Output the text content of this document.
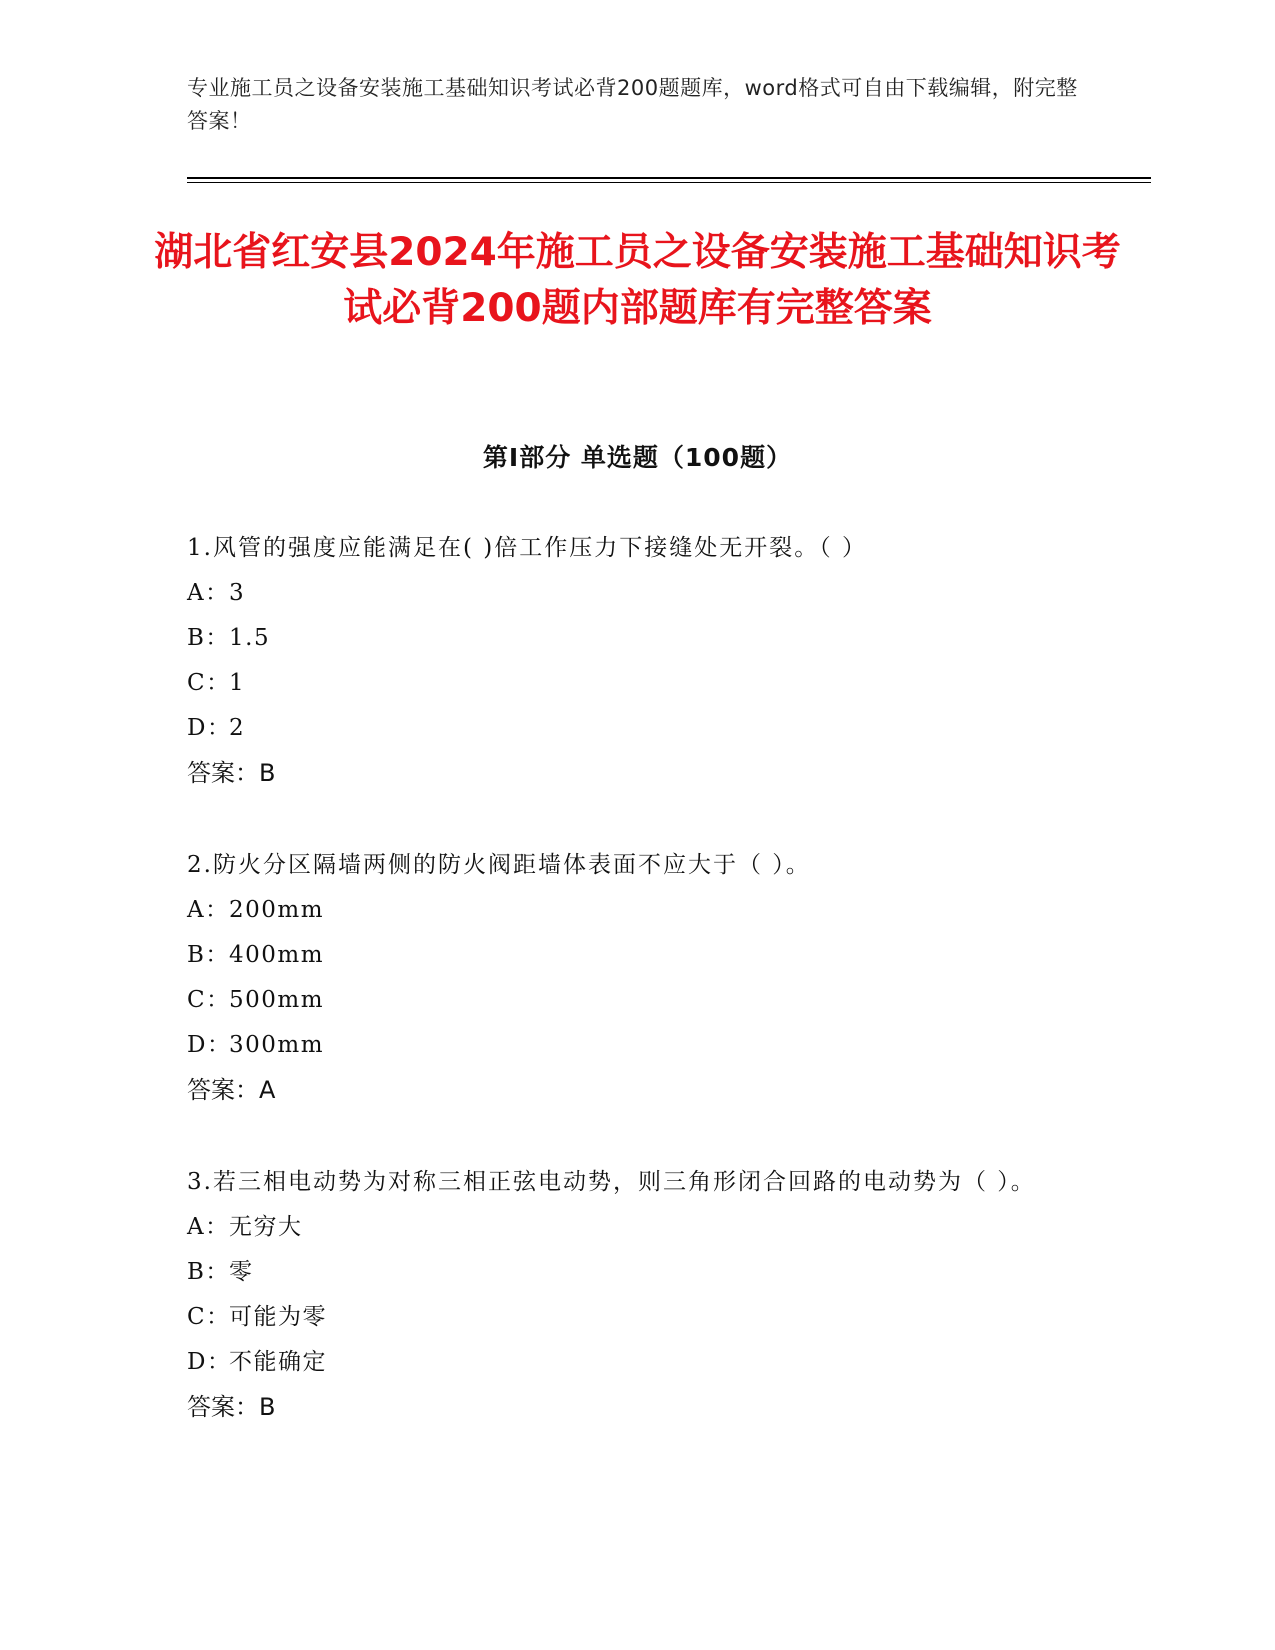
专业施工员之设备安装施工基础知识考试必背200题题库，word格式可自由下载编辑，附完整答案！
湖北省红安县2024年施工员之设备安装施工基础知识考试必背200题内部题库有完整答案
第Ⅰ部分 单选题（100题）
1.风管的强度应能满足在( )倍工作压力下接缝处无开裂。（ ）
A：3
B：1.5
C：1
D：2
答案：B
2.防火分区隔墙两侧的防火阀距墙体表面不应大于（ ）。
A：200mm
B：400mm
C：500mm
D：300mm
答案：A
3.若三相电动势为对称三相正弦电动势，则三角形闭合回路的电动势为（ ）。
A：无穷大
B：零
C：可能为零
D：不能确定
答案：B
